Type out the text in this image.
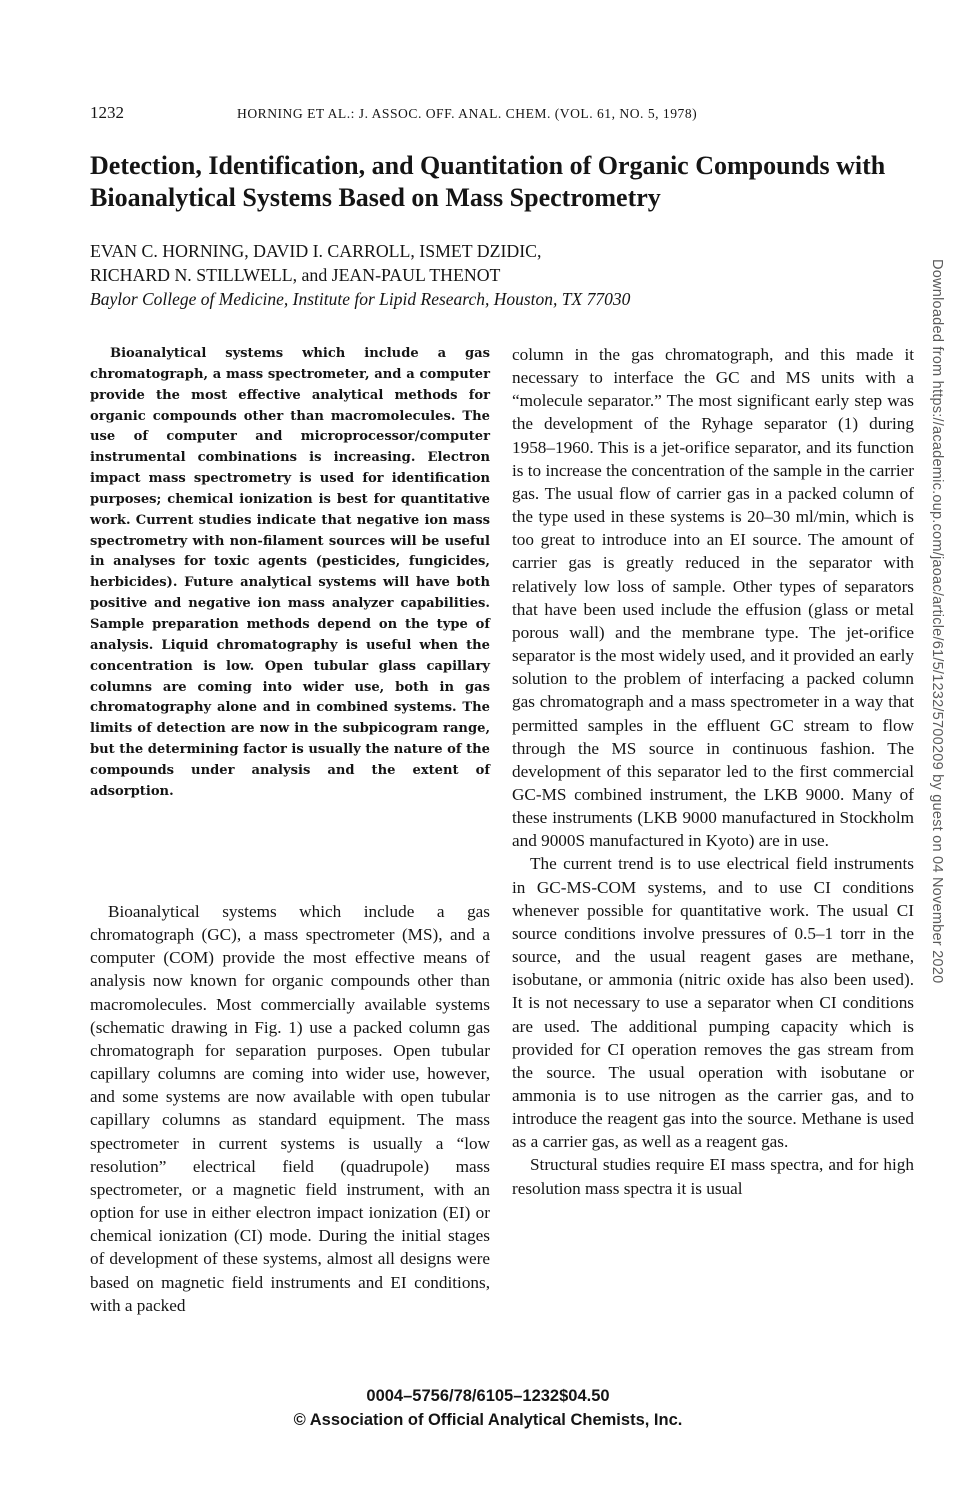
1232	HORNING ET AL.: J. ASSOC. OFF. ANAL. CHEM. (VOL. 61, NO. 5, 1978)
Detection, Identification, and Quantitation of Organic Compounds with Bioanalytical Systems Based on Mass Spectrometry
EVAN C. HORNING, DAVID I. CARROLL, ISMET DZIDIC,
RICHARD N. STILLWELL, and JEAN-PAUL THENOT
Baylor College of Medicine, Institute for Lipid Research, Houston, TX 77030

Bioanalytical systems which include a gas chromatograph, a mass spectrometer, and a computer provide the most effective analytical methods for organic compounds other than macromolecules. The use of computer and microprocessor/computer instrumental combinations is increasing. Electron impact mass spectrometry is used for identification purposes; chemical ionization is best for quantitative work. Current studies indicate that negative ion mass spectrometry with non-filament sources will be useful in analyses for toxic agents (pesticides, fungicides, herbicides). Future analytical systems will have both positive and negative ion mass analyzer capabilities. Sample preparation methods depend on the type of analysis. Liquid chromatography is useful when the concentration is low. Open tubular glass capillary columns are coming into wider use, both in gas chromatography alone and in combined systems. The limits of detection are now in the subpicogram range, but the determining factor is usually the nature of the compounds under analysis and the extent of adsorption.

Bioanalytical systems which include a gas chromatograph (GC), a mass spectrometer (MS), and a computer (COM) provide the most effective means of analysis now known for organic compounds other than macromolecules. Most commercially available systems (schematic drawing in Fig. 1) use a packed column gas chromatograph for separation purposes. Open tubular capillary columns are coming into wider use, however, and some systems are now available with open tubular capillary columns as standard equipment. The mass spectrometer in current systems is usually a “low resolution” electrical field (quadrupole) mass spectrometer, or a magnetic field instrument, with an option for use in either electron impact ionization (EI) or chemical ionization (CI) mode. During the initial stages of development of these systems, almost all designs were based on magnetic field instruments and EI conditions, with a packed

column in the gas chromatograph, and this made it necessary to interface the GC and MS units with a “molecule separator.” The most significant early step was the development of the Ryhage separator (1) during 1958–1960. This is a jet-orifice separator, and its function is to increase the concentration of the sample in the carrier gas. The usual flow of carrier gas in a packed column of the type used in these systems is 20–30 ml/min, which is too great to introduce into an EI source. The amount of carrier gas is greatly reduced in the separator with relatively low loss of sample. Other types of separators that have been used include the effusion (glass or metal porous wall) and the membrane type. The jet-orifice separator is the most widely used, and it provided an early solution to the problem of interfacing a packed column gas chromatograph and a mass spectrometer in a way that permitted samples in the effluent GC stream to flow through the MS source in continuous fashion. The development of this separator led to the first commercial GC-MS combined instrument, the LKB 9000. Many of these instruments (LKB 9000 manufactured in Stockholm and 9000S manufactured in Kyoto) are in use.

The current trend is to use electrical field instruments in GC-MS-COM systems, and to use CI conditions whenever possible for quantitative work. The usual CI source conditions involve pressures of 0.5–1 torr in the source, and the usual reagent gases are methane, isobutane, or ammonia (nitric oxide has also been used). It is not necessary to use a separator when CI conditions are used. The additional pumping capacity which is provided for CI operation removes the gas stream from the source. The usual operation with isobutane or ammonia is to use nitrogen as the carrier gas, and to introduce the reagent gas into the source. Methane is used as a carrier gas, as well as a reagent gas.

Structural studies require EI mass spectra, and for high resolution mass spectra it is usual

Downloaded from https://academic.oup.com/jaoac/article/61/5/1232/5700209 by guest on 04 November 2020
0004–5756/78/6105–1232$04.50
© Association of Official Analytical Chemists, Inc.
